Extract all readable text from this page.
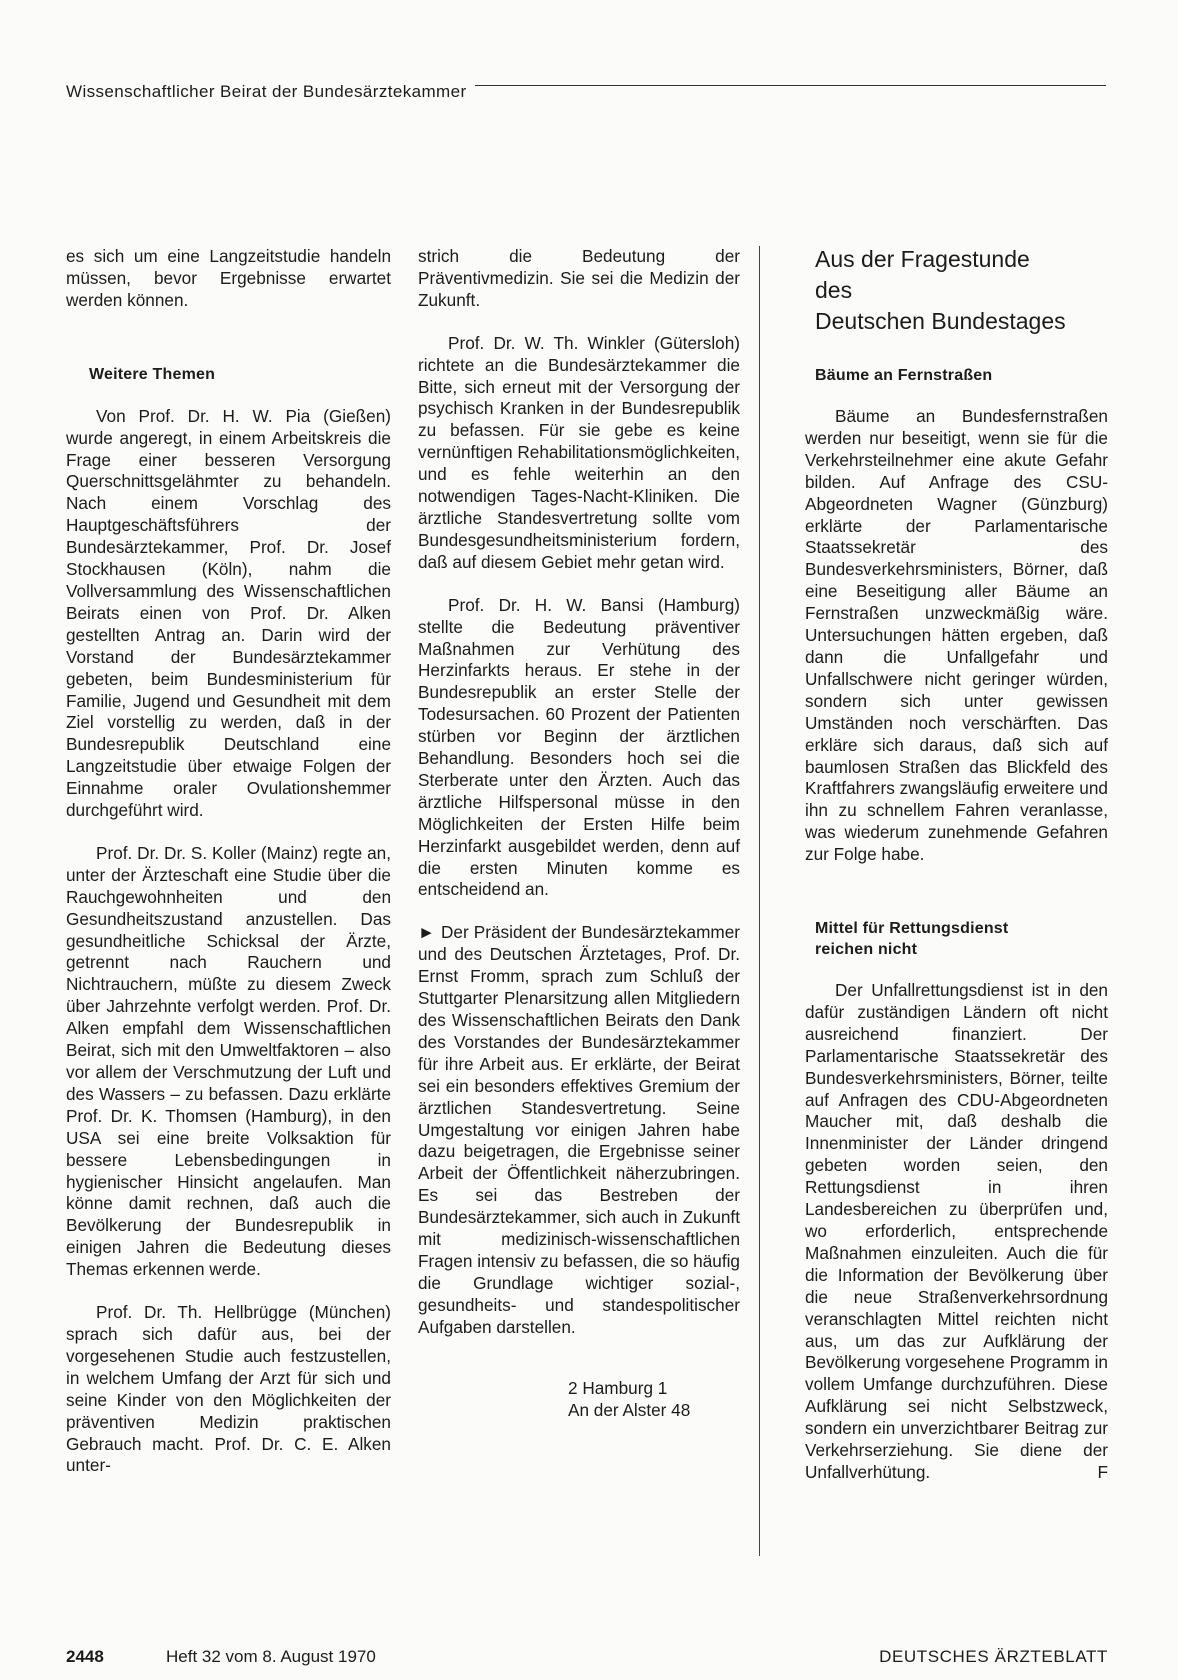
Wissenschaftlicher Beirat der Bundesärztekammer

es sich um eine Langzeitstudie handeln müssen, bevor Ergebnisse erwartet werden können.

Weitere Themen

Von Prof. Dr. H. W. Pia (Gießen) wurde angeregt, in einem Arbeitskreis die Frage einer besseren Versorgung Querschnittsgelähmter zu behandeln. Nach einem Vorschlag des Hauptgeschäftsführers der Bundesärztekammer, Prof. Dr. Josef Stockhausen (Köln), nahm die Vollversammlung des Wissenschaftlichen Beirats einen von Prof. Dr. Alken gestellten Antrag an. Darin wird der Vorstand der Bundesärztekammer gebeten, beim Bundesministerium für Familie, Jugend und Gesundheit mit dem Ziel vorstellig zu werden, daß in der Bundesrepublik Deutschland eine Langzeitstudie über etwaige Folgen der Einnahme oraler Ovulationshemmer durchgeführt wird.

Prof. Dr. Dr. S. Koller (Mainz) regte an, unter der Ärzteschaft eine Studie über die Rauchgewohnheiten und den Gesundheitszustand anzustellen. Das gesundheitliche Schicksal der Ärzte, getrennt nach Rauchern und Nichtrauchern, müßte zu diesem Zweck über Jahrzehnte verfolgt werden. Prof. Dr. Alken empfahl dem Wissenschaftlichen Beirat, sich mit den Umweltfaktoren – also vor allem der Verschmutzung der Luft und des Wassers – zu befassen. Dazu erklärte Prof. Dr. K. Thomsen (Hamburg), in den USA sei eine breite Volksaktion für bessere Lebensbedingungen in hygienischer Hinsicht angelaufen. Man könne damit rechnen, daß auch die Bevölkerung der Bundesrepublik in einigen Jahren die Bedeutung dieses Themas erkennen werde.

Prof. Dr. Th. Hellbrügge (München) sprach sich dafür aus, bei der vorgesehenen Studie auch festzustellen, in welchem Umfang der Arzt für sich und seine Kinder von den Möglichkeiten der präventiven Medizin praktischen Gebrauch macht. Prof. Dr. C. E. Alken unter-

strich die Bedeutung der Präventivmedizin. Sie sei die Medizin der Zukunft.

Prof. Dr. W. Th. Winkler (Gütersloh) richtete an die Bundesärztekammer die Bitte, sich erneut mit der Versorgung der psychisch Kranken in der Bundesrepublik zu befassen. Für sie gebe es keine vernünftigen Rehabilitationsmöglichkeiten, und es fehle weiterhin an den notwendigen Tages-Nacht-Kliniken. Die ärztliche Standesvertretung sollte vom Bundesgesundheitsministerium fordern, daß auf diesem Gebiet mehr getan wird.

Prof. Dr. H. W. Bansi (Hamburg) stellte die Bedeutung präventiver Maßnahmen zur Verhütung des Herzinfarkts heraus. Er stehe in der Bundesrepublik an erster Stelle der Todesursachen. 60 Prozent der Patienten stürben vor Beginn der ärztlichen Behandlung. Besonders hoch sei die Sterberate unter den Ärzten. Auch das ärztliche Hilfspersonal müsse in den Möglichkeiten der Ersten Hilfe beim Herzinfarkt ausgebildet werden, denn auf die ersten Minuten komme es entscheidend an.

► Der Präsident der Bundesärztekammer und des Deutschen Ärztetages, Prof. Dr. Ernst Fromm, sprach zum Schluß der Stuttgarter Plenarsitzung allen Mitgliedern des Wissenschaftlichen Beirats den Dank des Vorstandes der Bundesärztekammer für ihre Arbeit aus. Er erklärte, der Beirat sei ein besonders effektives Gremium der ärztlichen Standesvertretung. Seine Umgestaltung vor einigen Jahren habe dazu beigetragen, die Ergebnisse seiner Arbeit der Öffentlichkeit näherzubringen. Es sei das Bestreben der Bundesärztekammer, sich auch in Zukunft mit medizinisch-wissenschaftlichen Fragen intensiv zu befassen, die so häufig die Grundlage wichtiger sozial-, gesundheits- und standespolitischer Aufgaben darstellen.

2 Hamburg 1
An der Alster 48
Aus der Fragestunde
des
Deutschen Bundestages
Bäume an Fernstraßen

Bäume an Bundesfernstraßen werden nur beseitigt, wenn sie für die Verkehrsteilnehmer eine akute Gefahr bilden. Auf Anfrage des CSU-Abgeordneten Wagner (Günzburg) erklärte der Parlamentarische Staatssekretär des Bundesverkehrsministers, Börner, daß eine Beseitigung aller Bäume an Fernstraßen unzweckmäßig wäre. Untersuchungen hätten ergeben, daß dann die Unfallgefahr und Unfallschwere nicht geringer würden, sondern sich unter gewissen Umständen noch verschärften. Das erkläre sich daraus, daß sich auf baumlosen Straßen das Blickfeld des Kraftfahrers zwangsläufig erweitere und ihn zu schnellem Fahren veranlasse, was wiederum zunehmende Gefahren zur Folge habe.

Mittel für Rettungsdienst
reichen nicht

Der Unfallrettungsdienst ist in den dafür zuständigen Ländern oft nicht ausreichend finanziert. Der Parlamentarische Staatssekretär des Bundesverkehrsministers, Börner, teilte auf Anfragen des CDU-Abgeordneten Maucher mit, daß deshalb die Innenminister der Länder dringend gebeten worden seien, den Rettungsdienst in ihren Landesbereichen zu überprüfen und, wo erforderlich, entsprechende Maßnahmen einzuleiten. Auch die für die Information der Bevölkerung über die neue Straßenverkehrsordnung veranschlagten Mittel reichten nicht aus, um das zur Aufklärung der Bevölkerung vorgesehene Programm in vollem Umfange durchzuführen. Diese Aufklärung sei nicht Selbstzweck, sondern ein unverzichtbarer Beitrag zur Verkehrserziehung. Sie diene der Unfallverhütung.	F

2448	Heft 32 vom 8. August 1970	DEUTSCHES ÄRZTEBLATT
